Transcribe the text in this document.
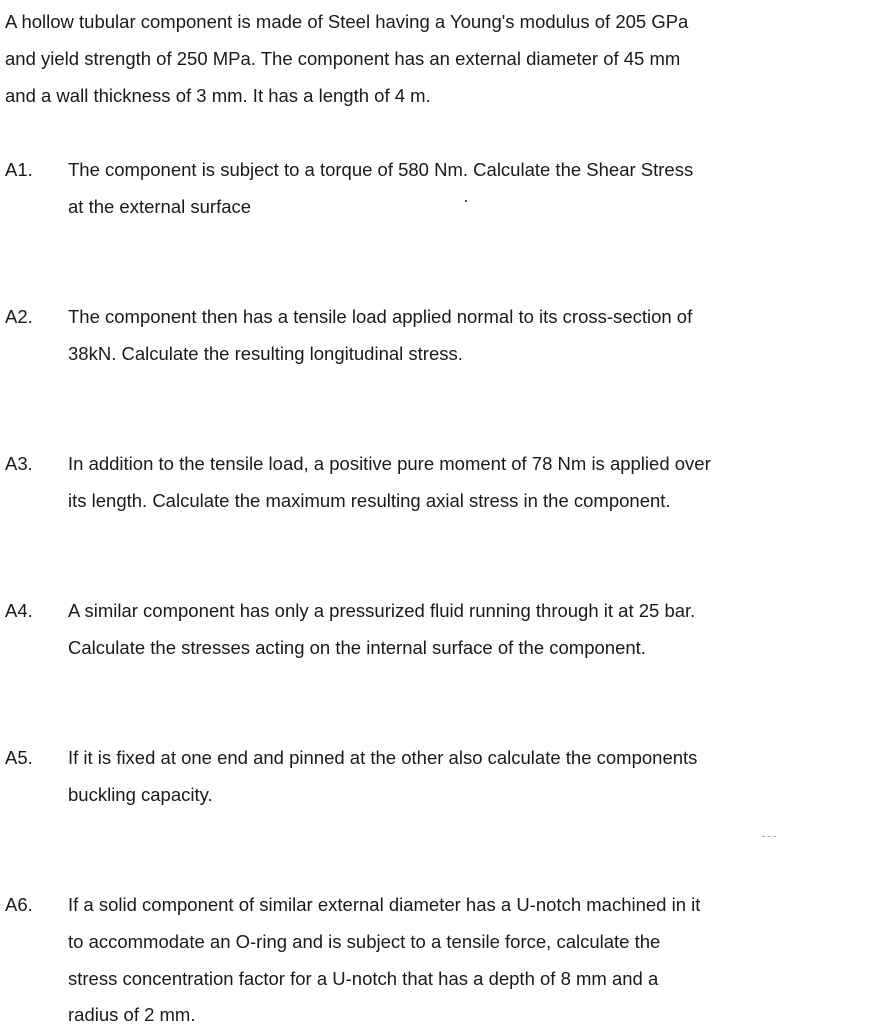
A hollow tubular component is made of Steel having a Young's modulus of 205 GPa
and yield strength of 250 MPa. The component has an external diameter of 45 mm
and a wall thickness of 3 mm. It has a length of 4 m.
A1. The component is subject to a torque of 580 Nm. Calculate the Shear Stress
at the external surface
A2. The component then has a tensile load applied normal to its cross-section of
38kN. Calculate the resulting longitudinal stress.
A3. In addition to the tensile load, a positive pure moment of 78 Nm is applied over
its length. Calculate the maximum resulting axial stress in the component.
A4. A similar component has only a pressurized fluid running through it at 25 bar.
Calculate the stresses acting on the internal surface of the component.
A5. If it is fixed at one end and pinned at the other also calculate the components
buckling capacity.
A6. If a solid component of similar external diameter has a U-notch machined in it
to accommodate an O-ring and is subject to a tensile force, calculate the
stress concentration factor for a U-notch that has a depth of 8 mm and a
radius of 2 mm.
